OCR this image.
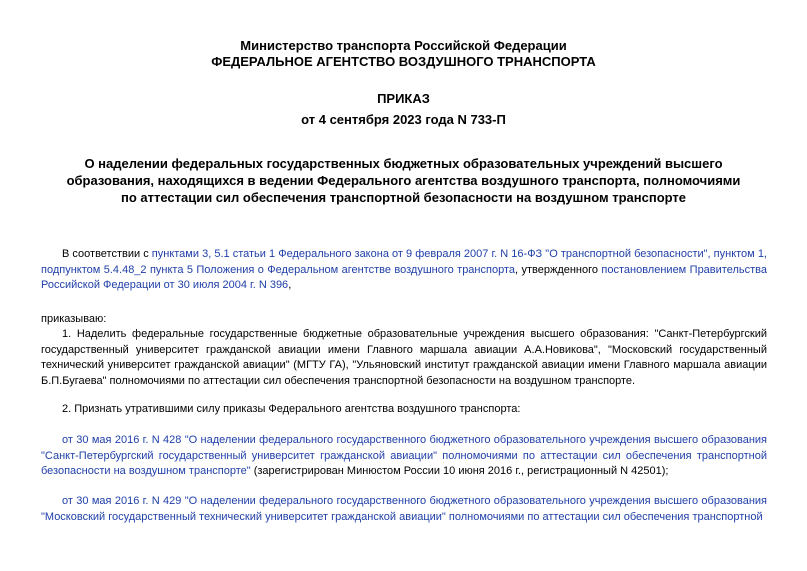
Министерство транспорта Российской Федерации
ФЕДЕРАЛЬНОЕ АГЕНТСТВО ВОЗДУШНОГО ТРНАНСПОРТА
ПРИКАЗ
от 4 сентября 2023 года N 733-П
О наделении федеральных государственных бюджетных образовательных учреждений высшего образования, находящихся в ведении Федерального агентства воздушного транспорта, полномочиями по аттестации сил обеспечения транспортной безопасности на воздушном транспорте
В соответствии с пунктами 3, 5.1 статьи 1 Федерального закона от 9 февраля 2007 г. N 16-ФЗ "О транспортной безопасности", пунктом 1, подпунктом 5.4.48_2 пункта 5 Положения о Федеральном агентстве воздушного транспорта, утвержденного постановлением Правительства Российской Федерации от 30 июля 2004 г. N 396,
приказываю:
1. Наделить федеральные государственные бюджетные образовательные учреждения высшего образования: "Санкт-Петербургский государственный университет гражданской авиации имени Главного маршала авиации А.А.Новикова", "Московский государственный технический университет гражданской авиации" (МГТУ ГА), "Ульяновский институт гражданской авиации имени Главного маршала авиации Б.П.Бугаева" полномочиями по аттестации сил обеспечения транспортной безопасности на воздушном транспорте.
2. Признать утратившими силу приказы Федерального агентства воздушного транспорта:
от 30 мая 2016 г. N 428 "О наделении федерального государственного бюджетного образовательного учреждения высшего образования "Санкт-Петербургский государственный университет гражданской авиации" полномочиями по аттестации сил обеспечения транспортной безопасности на воздушном транспорте" (зарегистрирован Минюстом России 10 июня 2016 г., регистрационный N 42501);
от 30 мая 2016 г. N 429 "О наделении федерального государственного бюджетного образовательного учреждения высшего образования "Московский государственный технический университет гражданской авиации" полномочиями по аттестации сил обеспечения транспортной
